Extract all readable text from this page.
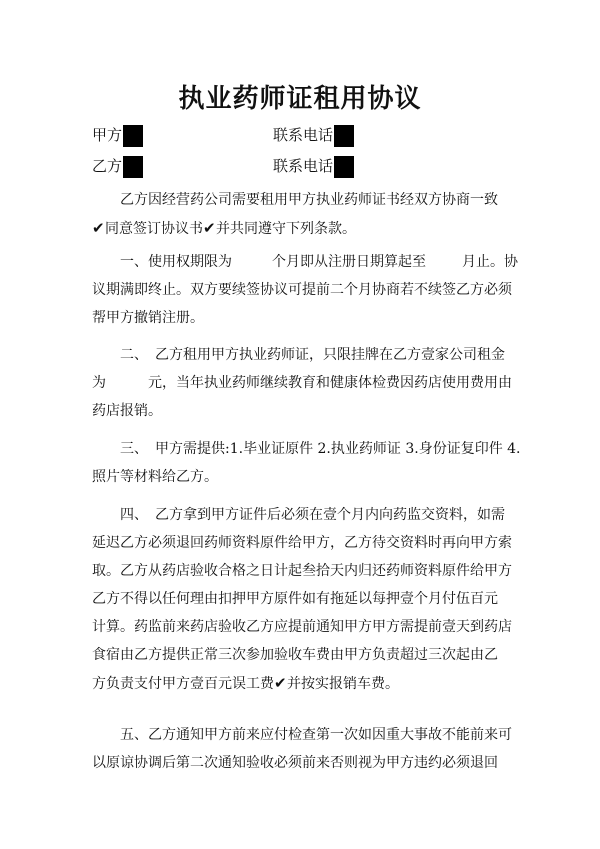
执业药师证租用协议
甲方	联系电话
乙方	联系电话
乙方因经营药公司需要租用甲方执业药师证书经双方协商一致
✔同意签订协议书✔并共同遵守下列条款。
一、使用权期限为	个月即从注册日期算起至	月止。协
议期满即终止。双方要续签协议可提前二个月协商若不续签乙方必须
帮甲方撤销注册。
二、　乙方租用甲方执业药师证，只限挂牌在乙方壹家公司租金
为	元，当年执业药师继续教育和健康体检费因药店使用费用由
药店报销。
三、　甲方需提供:1.毕业证原件 2.执业药师证 3.身份证复印件 4.
照片等材料给乙方。
四、　乙方拿到甲方证件后必须在壹个月内向药监交资料，如需
延迟乙方必须退回药师资料原件给甲方，乙方待交资料时再向甲方索
取。乙方从药店验收合格之日计起叁拾天内归还药师资料原件给甲方
乙方不得以任何理由扣押甲方原件如有拖延以每押壹个月付伍百元
计算。药监前来药店验收乙方应提前通知甲方甲方需提前壹天到药店
食宿由乙方提供正常三次参加验收车费由甲方负责超过三次起由乙
方负责支付甲方壹百元误工费✔并按实报销车费。
五、乙方通知甲方前来应付检查第一次如因重大事故不能前来可
以原谅协调后第二次通知验收必须前来否则视为甲方违约必须退回
